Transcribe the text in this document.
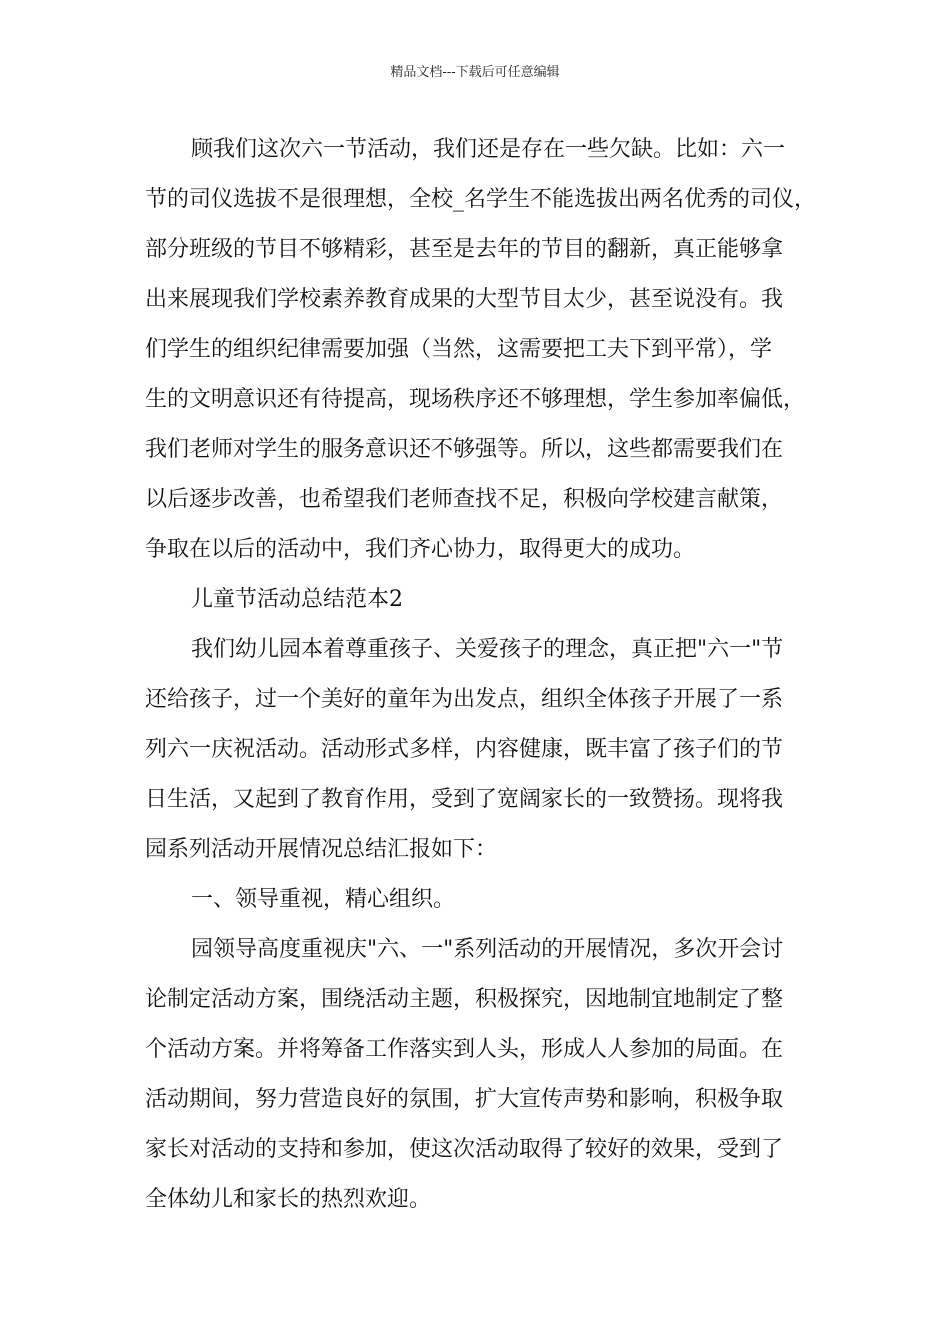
精品文档---下载后可任意编辑
顾我们这次六一节活动，我们还是存在一些欠缺。比如：六一
节的司仪选拔不是很理想，全校_名学生不能选拔出两名优秀的司仪，
部分班级的节目不够精彩，甚至是去年的节目的翻新，真正能够拿
出来展现我们学校素养教育成果的大型节目太少，甚至说没有。我
们学生的组织纪律需要加强（当然，这需要把工夫下到平常），学
生的文明意识还有待提高，现场秩序还不够理想，学生参加率偏低，
我们老师对学生的服务意识还不够强等。所以，这些都需要我们在
以后逐步改善，也希望我们老师查找不足，积极向学校建言献策，
争取在以后的活动中，我们齐心协力，取得更大的成功。
儿童节活动总结范本2
我们幼儿园本着尊重孩子、关爱孩子的理念，真正把"六一"节
还给孩子，过一个美好的童年为出发点，组织全体孩子开展了一系
列六一庆祝活动。活动形式多样，内容健康，既丰富了孩子们的节
日生活，又起到了教育作用，受到了宽阔家长的一致赞扬。现将我
园系列活动开展情况总结汇报如下：
一、领导重视，精心组织。
园领导高度重视庆"六、一"系列活动的开展情况，多次开会讨
论制定活动方案，围绕活动主题，积极探究，因地制宜地制定了整
个活动方案。并将筹备工作落实到人头，形成人人参加的局面。在
活动期间，努力营造良好的氛围，扩大宣传声势和影响，积极争取
家长对活动的支持和参加，使这次活动取得了较好的效果，受到了
全体幼儿和家长的热烈欢迎。
